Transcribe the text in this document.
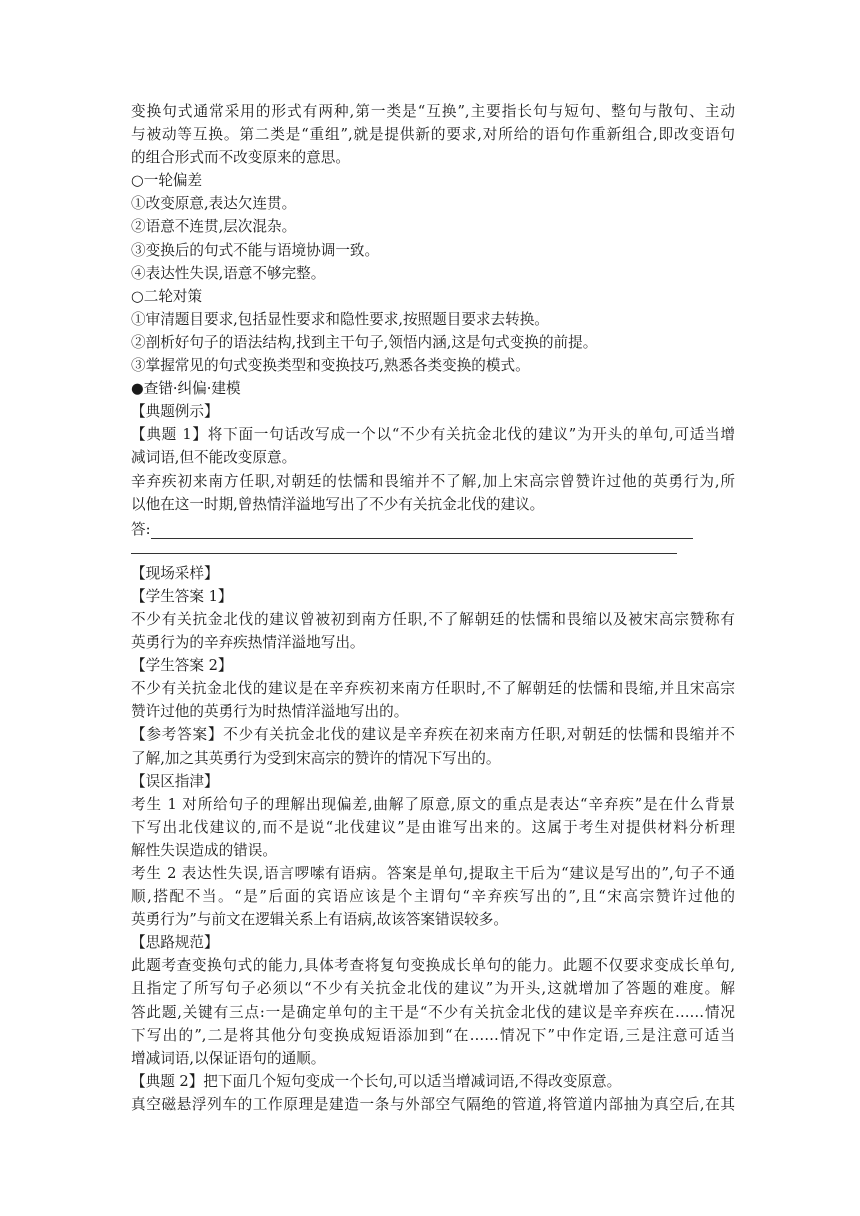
变换句式通常采用的形式有两种,第一类是“互换”,主要指长句与短句、整句与散句、主动
与被动等互换。第二类是“重组”,就是提供新的要求,对所给的语句作重新组合,即改变语句
的组合形式而不改变原来的意思。
○一轮偏差
①改变原意,表达欠连贯。
②语意不连贯,层次混杂。
③变换后的句式不能与语境协调一致。
④表达性失误,语意不够完整。
○二轮对策
①审清题目要求,包括显性要求和隐性要求,按照题目要求去转换。
②剖析好句子的语法结构,找到主干句子,领悟内涵,这是句式变换的前提。
③掌握常见的句式变换类型和变换技巧,熟悉各类变换的模式。
●查错·纠偏·建模
【典题例示】
【典题 1】将下面一句话改写成一个以“不少有关抗金北伐的建议”为开头的单句,可适当增
减词语,但不能改变原意。
辛弃疾初来南方任职,对朝廷的怯懦和畏缩并不了解,加上宋高宗曾赞许过他的英勇行为,所
以他在这一时期,曾热情洋溢地写出了不少有关抗金北伐的建议。
答:
【现场采样】
【学生答案 1】
不少有关抗金北伐的建议曾被初到南方任职,不了解朝廷的怯懦和畏缩以及被宋高宗赞称有
英勇行为的辛弃疾热情洋溢地写出。
【学生答案 2】
不少有关抗金北伐的建议是在辛弃疾初来南方任职时,不了解朝廷的怯懦和畏缩,并且宋高宗
赞许过他的英勇行为时热情洋溢地写出的。
【参考答案】不少有关抗金北伐的建议是辛弃疾在初来南方任职,对朝廷的怯懦和畏缩并不
了解,加之其英勇行为受到宋高宗的赞许的情况下写出的。
【误区指津】
考生 1 对所给句子的理解出现偏差,曲解了原意,原文的重点是表达“辛弃疾”是在什么背景
下写出北伐建议的,而不是说“北伐建议”是由谁写出来的。这属于考生对提供材料分析理
解性失误造成的错误。
考生 2 表达性失误,语言啰嗦有语病。答案是单句,提取主干后为“建议是写出的”,句子不通
顺,搭配不当。“是”后面的宾语应该是个主谓句“辛弃疾写出的”,且“宋高宗赞许过他的
英勇行为”与前文在逻辑关系上有语病,故该答案错误较多。
【思路规范】
此题考查变换句式的能力,具体考查将复句变换成长单句的能力。此题不仅要求变成长单句,
且指定了所写句子必须以“不少有关抗金北伐的建议”为开头,这就增加了答题的难度。解
答此题,关键有三点:一是确定单句的主干是“不少有关抗金北伐的建议是辛弃疾在……情况
下写出的”,二是将其他分句变换成短语添加到“在……情况下”中作定语,三是注意可适当
增减词语,以保证语句的通顺。
【典题 2】把下面几个短句变成一个长句,可以适当增减词语,不得改变原意。
真空磁悬浮列车的工作原理是建造一条与外部空气隔绝的管道,将管道内部抽为真空后,在其
